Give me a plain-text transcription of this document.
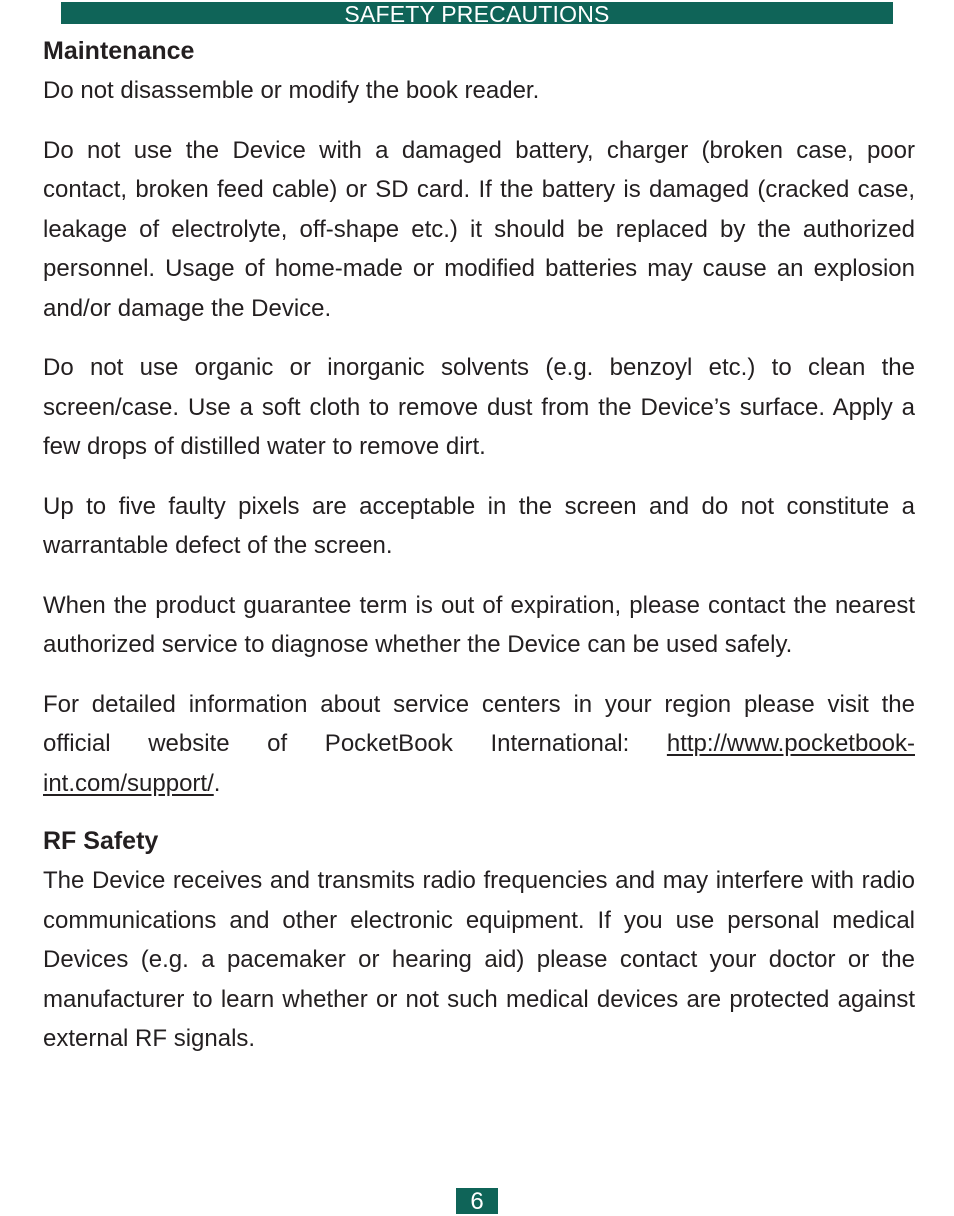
SAFETY PRECAUTIONS
Maintenance

Do not disassemble or modify the book reader.

Do not use the Device with a damaged battery, charger (broken case, poor contact, broken feed cable) or SD card. If the battery is damaged (cracked case, leakage of electrolyte, off-shape etc.) it should be replaced by the authorized personnel. Usage of home-made or modified batteries may cause an explosion and/or damage the Device.

Do not use organic or inorganic solvents (e.g. benzoyl etc.) to clean the screen/case. Use a soft cloth to remove dust from the Device’s surface. Apply a few drops of distilled water to remove dirt.

Up to five faulty pixels are acceptable in the screen and do not constitute a warrantable defect of the screen.

When the product guarantee term is out of expiration, please contact the nearest authorized service to diagnose whether the Device can be used safely.

For detailed information about service centers in your region please visit the official website of PocketBook International: http://www.pocketbook-int.com/support/.

RF Safety

The Device receives and transmits radio frequencies and may interfere with radio communications and other electronic equipment. If you use personal medical Devices (e.g. a pacemaker or hearing aid) please contact your doctor or the manufacturer to learn whether or not such medical devices are protected against external RF signals.

6
